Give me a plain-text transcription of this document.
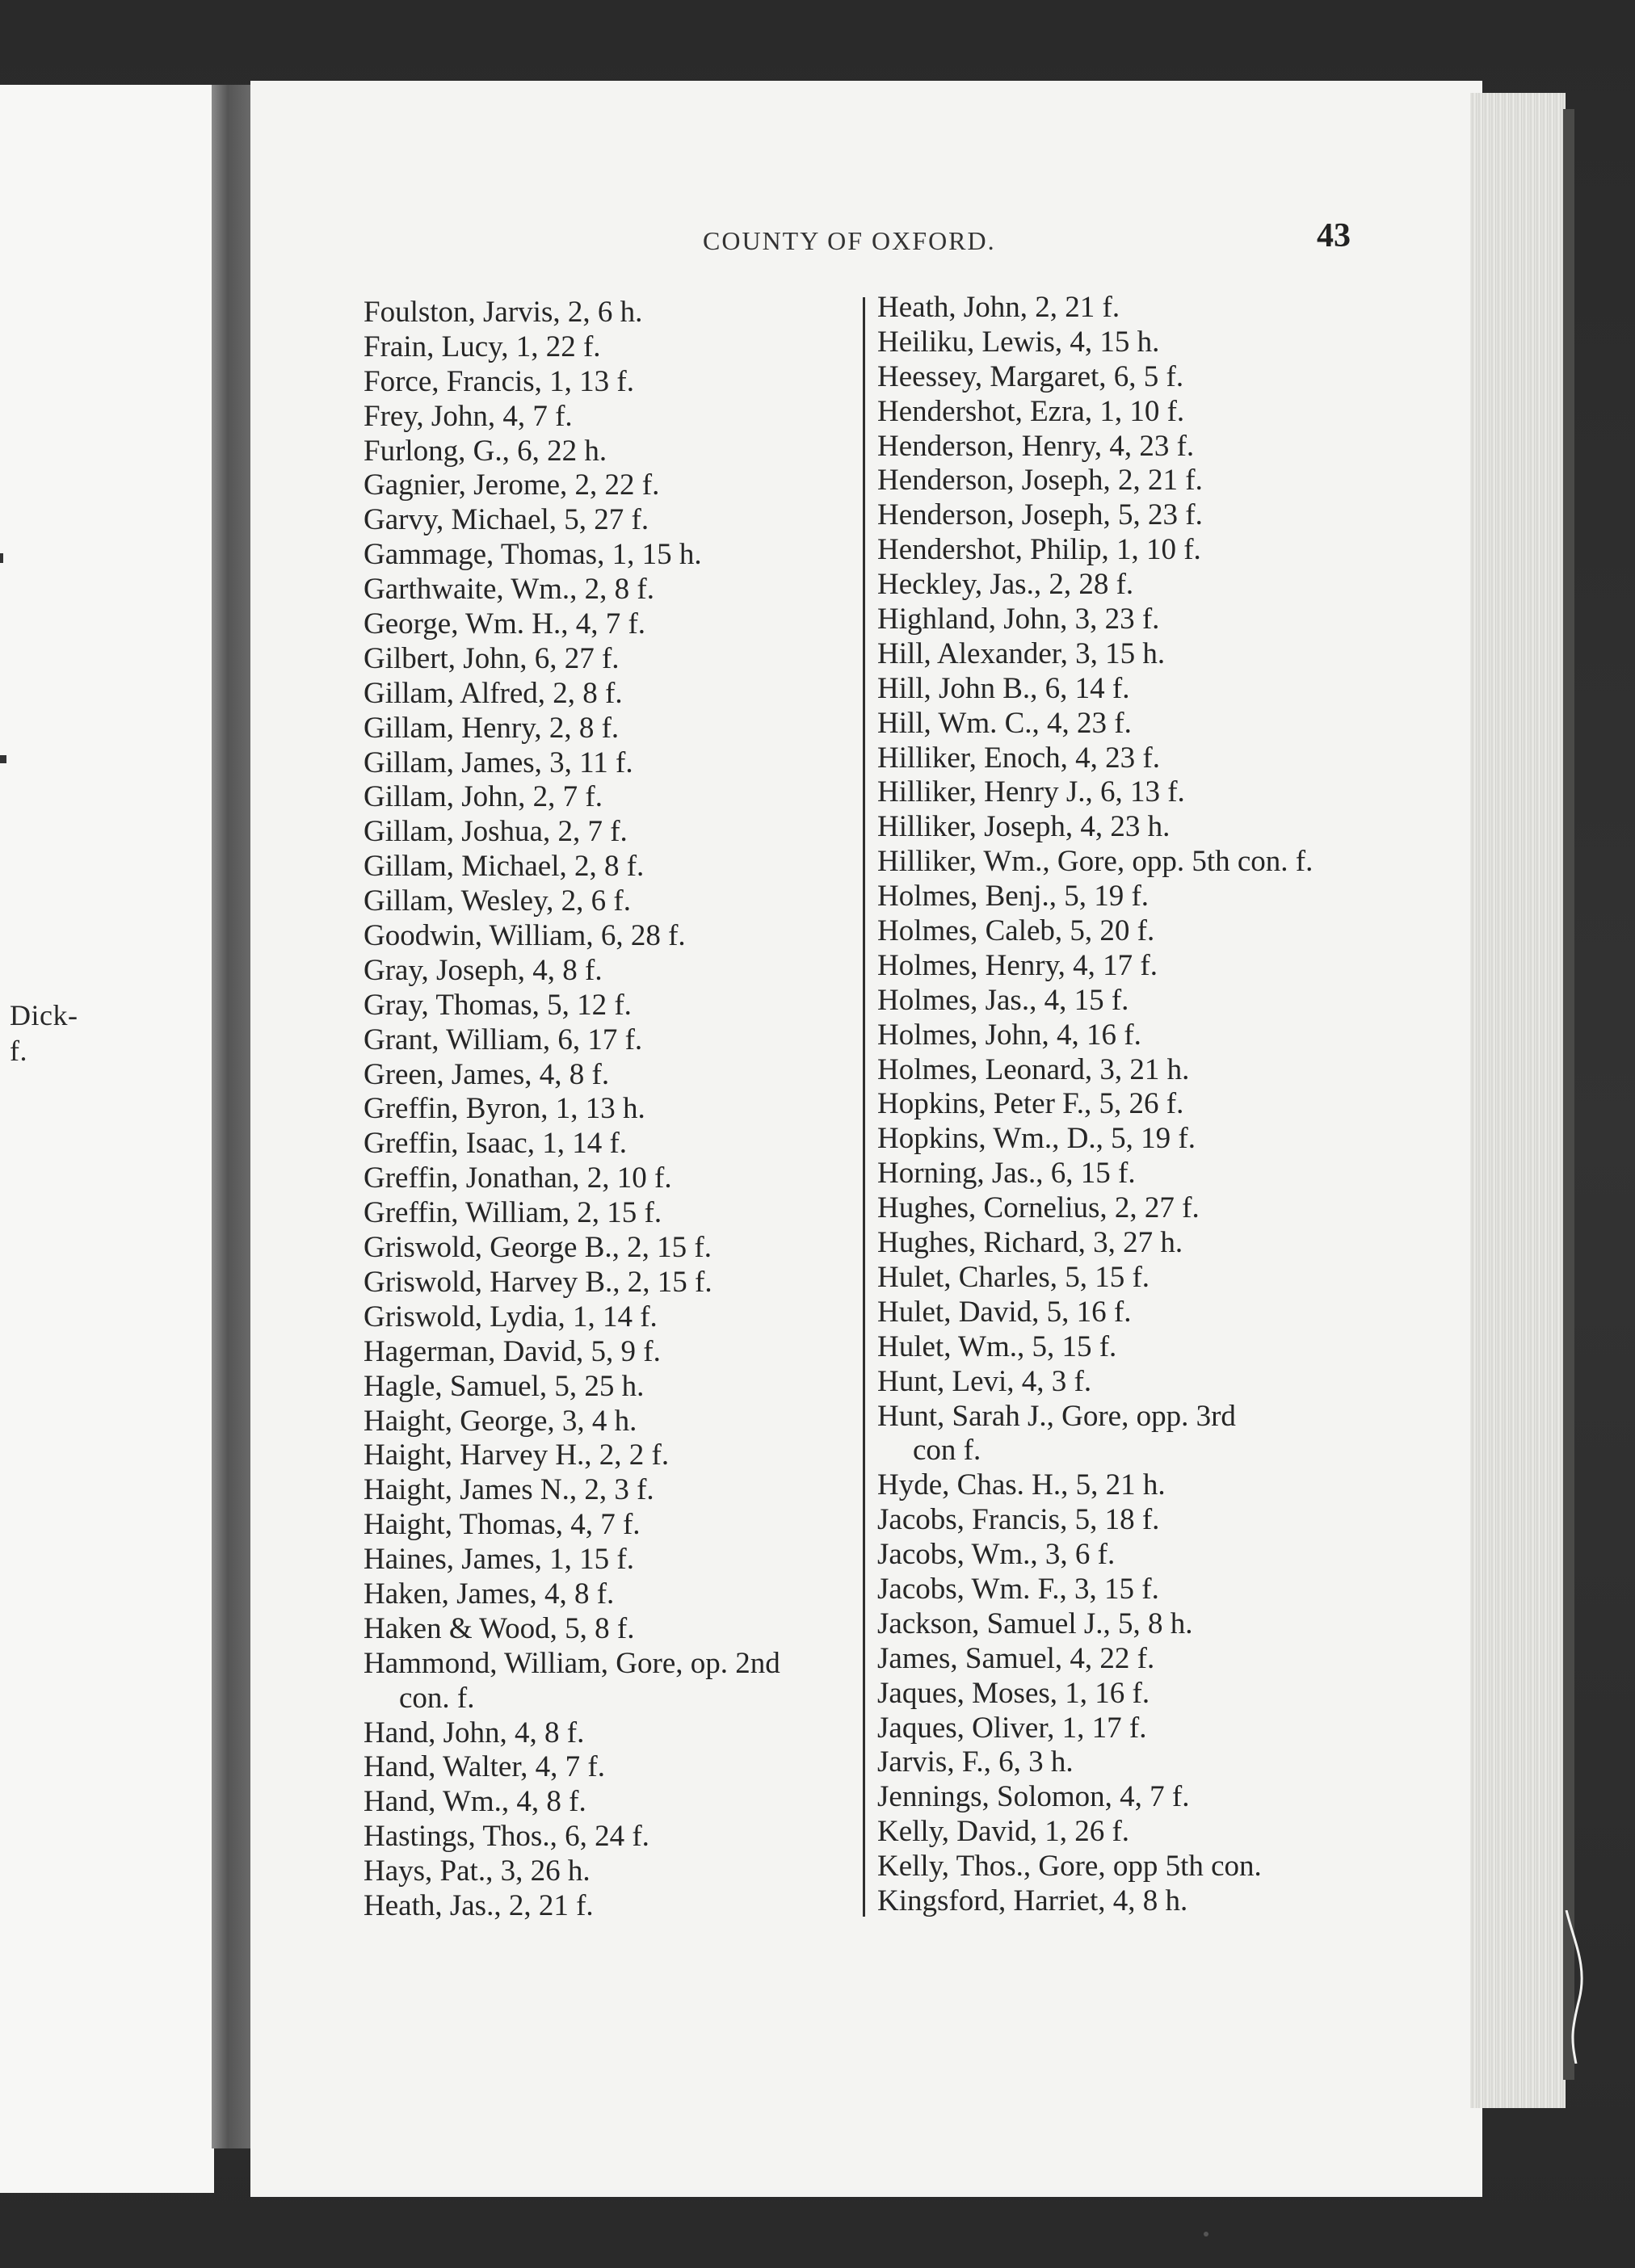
Dick-
f.
COUNTY OF OXFORD.	43
Foulston, Jarvis, 2, 6 h.
Frain, Lucy, 1, 22 f.
Force, Francis, 1, 13 f.
Frey, John, 4, 7 f.
Furlong, G., 6, 22 h.
Gagnier, Jerome, 2, 22 f.
Garvy, Michael, 5, 27 f.
Gammage, Thomas, 1, 15 h.
Garthwaite, Wm., 2, 8 f.
George, Wm. H., 4, 7 f.
Gilbert, John, 6, 27 f.
Gillam, Alfred, 2, 8 f.
Gillam, Henry, 2, 8 f.
Gillam, James, 3, 11 f.
Gillam, John, 2, 7 f.
Gillam, Joshua, 2, 7 f.
Gillam, Michael, 2, 8 f.
Gillam, Wesley, 2, 6 f.
Goodwin, William, 6, 28 f.
Gray, Joseph, 4, 8 f.
Gray, Thomas, 5, 12 f.
Grant, William, 6, 17 f.
Green, James, 4, 8 f.
Greffin, Byron, 1, 13 h.
Greffin, Isaac, 1, 14 f.
Greffin, Jonathan, 2, 10 f.
Greffin, William, 2, 15 f.
Griswold, George B., 2, 15 f.
Griswold, Harvey B., 2, 15 f.
Griswold, Lydia, 1, 14 f.
Hagerman, David, 5, 9 f.
Hagle, Samuel, 5, 25 h.
Haight, George, 3, 4 h.
Haight, Harvey H., 2, 2 f.
Haight, James N., 2, 3 f.
Haight, Thomas, 4, 7 f.
Haines, James, 1, 15 f.
Haken, James, 4, 8 f.
Haken & Wood, 5, 8 f.
Hammond, William, Gore, op. 2nd
con. f.
Hand, John, 4, 8 f.
Hand, Walter, 4, 7 f.
Hand, Wm., 4, 8 f.
Hastings, Thos., 6, 24 f.
Hays, Pat., 3, 26 h.
Heath, Jas., 2, 21 f.
Heath, John, 2, 21 f.
Heiliku, Lewis, 4, 15 h.
Heessey, Margaret, 6, 5 f.
Hendershot, Ezra, 1, 10 f.
Henderson, Henry, 4, 23 f.
Henderson, Joseph, 2, 21 f.
Henderson, Joseph, 5, 23 f.
Hendershot, Philip, 1, 10 f.
Heckley, Jas., 2, 28 f.
Highland, John, 3, 23 f.
Hill, Alexander, 3, 15 h.
Hill, John B., 6, 14 f.
Hill, Wm. C., 4, 23 f.
Hilliker, Enoch, 4, 23 f.
Hilliker, Henry J., 6, 13 f.
Hilliker, Joseph, 4, 23 h.
Hilliker, Wm., Gore, opp. 5th con. f.
Holmes, Benj., 5, 19 f.
Holmes, Caleb, 5, 20 f.
Holmes, Henry, 4, 17 f.
Holmes, Jas., 4, 15 f.
Holmes, John, 4, 16 f.
Holmes, Leonard, 3, 21 h.
Hopkins, Peter F., 5, 26 f.
Hopkins, Wm., D., 5, 19 f.
Horning, Jas., 6, 15 f.
Hughes, Cornelius, 2, 27 f.
Hughes, Richard, 3, 27 h.
Hulet, Charles, 5, 15 f.
Hulet, David, 5, 16 f.
Hulet, Wm., 5, 15 f.
Hunt, Levi, 4, 3 f.
Hunt, Sarah J., Gore, opp. 3rd
con f.
Hyde, Chas. H., 5, 21 h.
Jacobs, Francis, 5, 18 f.
Jacobs, Wm., 3, 6 f.
Jacobs, Wm. F., 3, 15 f.
Jackson, Samuel J., 5, 8 h.
James, Samuel, 4, 22 f.
Jaques, Moses, 1, 16 f.
Jaques, Oliver, 1, 17 f.
Jarvis, F., 6, 3 h.
Jennings, Solomon, 4, 7 f.
Kelly, David, 1, 26 f.
Kelly, Thos., Gore, opp 5th con.
Kingsford, Harriet, 4, 8 h.
